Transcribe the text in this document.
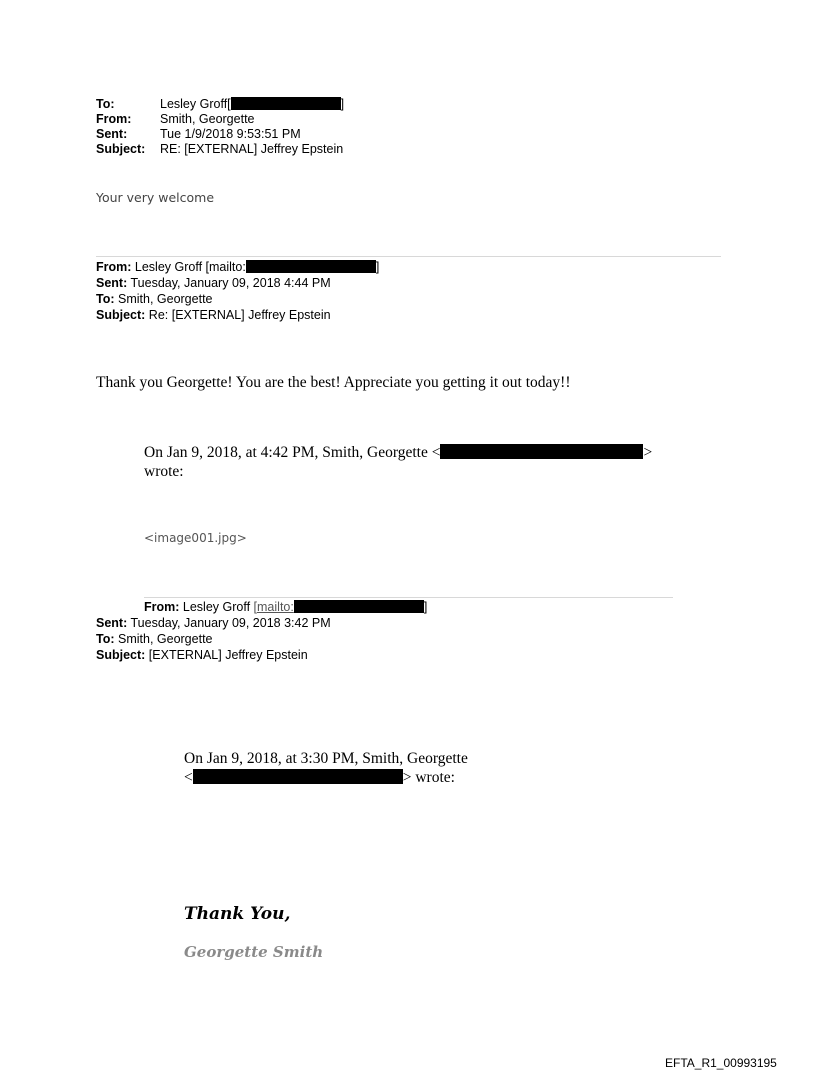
To:	Lesley Groff[	]
From: Smith, Georgette
Sent:	Tue 1/9/2018 9:53:51 PM
Subject: RE: [EXTERNAL] Jeffrey Epstein
Your very welcome
From: Lesley Groff [mailto:	]
Sent: Tuesday, January 09, 2018 4:44 PM
To: Smith, Georgette
Subject: Re: [EXTERNAL] Jeffrey Epstein
Thank you Georgette! You are the best! Appreciate you getting it out today!!
On Jan 9, 2018, at 4:42 PM, Smith, Georgette <	>
wrote:
<image001.jpg>
From: Lesley Groff [mailto:	]
Sent: Tuesday, January 09, 2018 3:42 PM
To: Smith, Georgette
Subject: [EXTERNAL] Jeffrey Epstein
On Jan 9, 2018, at 3:30 PM, Smith, Georgette
<	> wrote:
Thank You,
Georgette Smith
EFTA_R1_00993195
